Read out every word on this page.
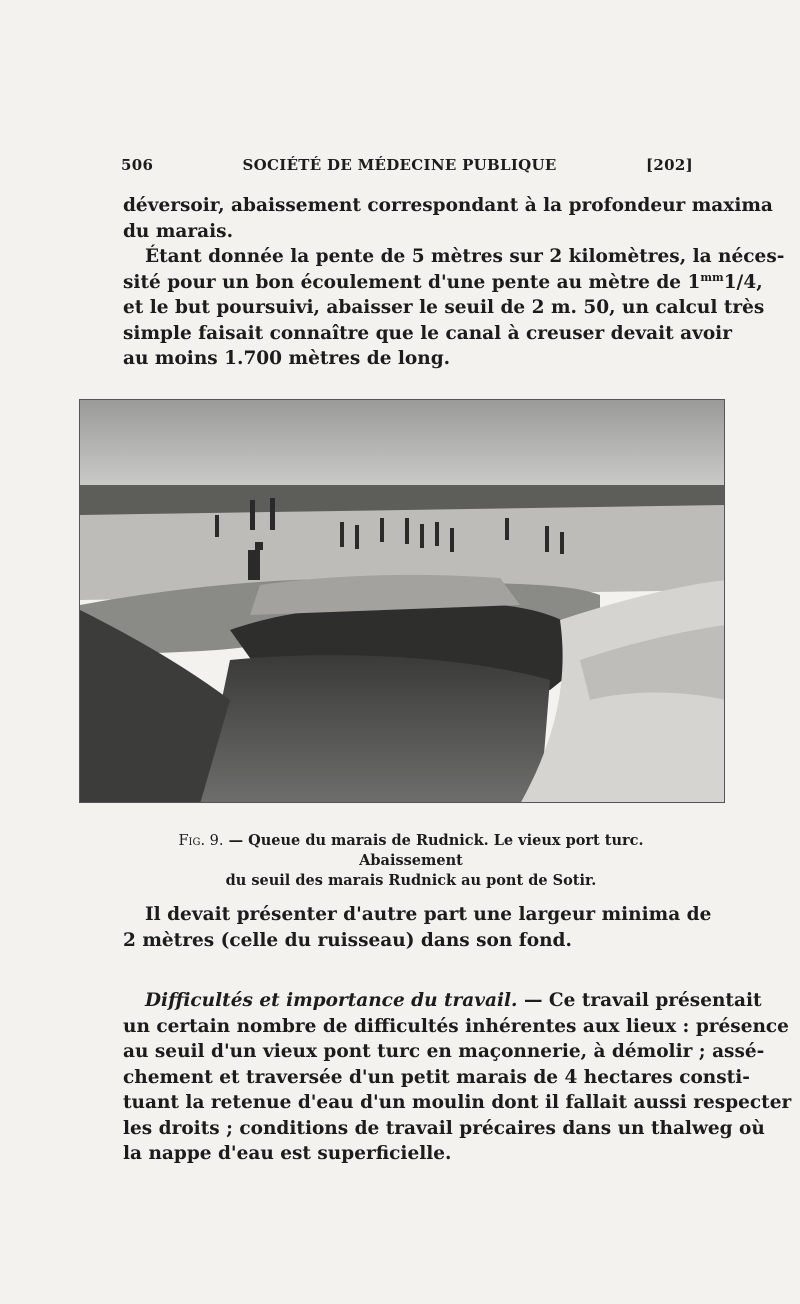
506	SOCIÉTÉ DE MÉDECINE PUBLIQUE	[202]
déversoir, abaissement correspondant à la profondeur maxima
du marais.
Étant donnée la pente de 5 mètres sur 2 kilomètres, la néces-
sité pour un bon écoulement d'une pente au mètre de $1^{mm}1/4$,
et le but poursuivi, abaisser le seuil de 2 m. 50, un calcul très
simple faisait connaître que le canal à creuser devait avoir
au moins 1.700 mètres de long.

Fig. 9. — Queue du marais de Rudnick. Le vieux port turc. Abaissement
du seuil des marais Rudnick au pont de Sotir.

Il devait présenter d'autre part une largeur minima de
2 mètres (celle du ruisseau) dans son fond.
Difficultés et importance du travail. — Ce travail présentait
un certain nombre de difficultés inhérentes aux lieux : présence
au seuil d'un vieux pont turc en maçonnerie, à démolir ; assé-
chement et traversée d'un petit marais de 4 hectares consti-
tuant la retenue d'eau d'un moulin dont il fallait aussi respecter
les droits ; conditions de travail précaires dans un thalweg où
la nappe d'eau est superficielle.
